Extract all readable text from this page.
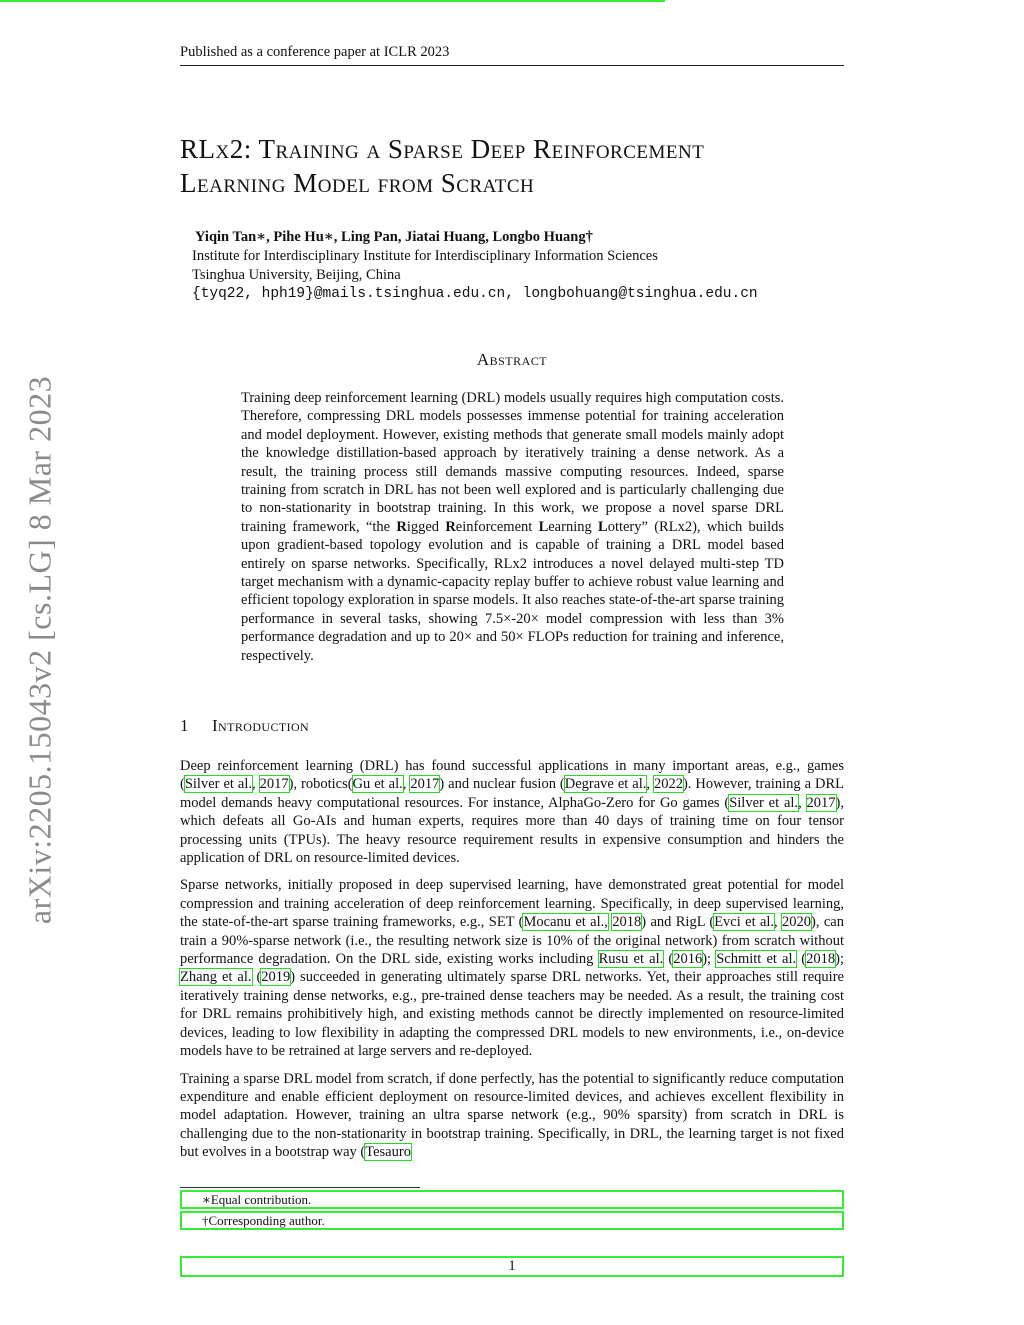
Published as a conference paper at ICLR 2023
arXiv:2205.15043v2 [cs.LG] 8 Mar 2023
RLx2: Training a Sparse Deep Reinforcement
Learning Model from Scratch
Yiqin Tan∗, Pihe Hu∗, Ling Pan, Jiatai Huang, Longbo Huang†
Institute for Interdisciplinary Institute for Interdisciplinary Information Sciences
Tsinghua University, Beijing, China
{tyq22, hph19}@mails.tsinghua.edu.cn, longbohuang@tsinghua.edu.cn
Abstract
Training deep reinforcement learning (DRL) models usually requires high computation costs. Therefore, compressing DRL models possesses immense potential for training acceleration and model deployment. However, existing methods that generate small models mainly adopt the knowledge distillation-based approach by iteratively training a dense network. As a result, the training process still demands massive computing resources. Indeed, sparse training from scratch in DRL has not been well explored and is particularly challenging due to non-stationarity in bootstrap training. In this work, we propose a novel sparse DRL training framework, “the Rigged Reinforcement Learning Lottery” (RLx2), which builds upon gradient-based topology evolution and is capable of training a DRL model based entirely on sparse networks. Specifically, RLx2 introduces a novel delayed multi-step TD target mechanism with a dynamic-capacity replay buffer to achieve robust value learning and efficient topology exploration in sparse models. It also reaches state-of-the-art sparse training performance in several tasks, showing 7.5×-20× model compression with less than 3% performance degradation and up to 20× and 50× FLOPs reduction for training and inference, respectively.
1 Introduction

Deep reinforcement learning (DRL) has found successful applications in many important areas, e.g., games (Silver et al., 2017), robotics(Gu et al., 2017) and nuclear fusion (Degrave et al., 2022). However, training a DRL model demands heavy computational resources. For instance, AlphaGo-Zero for Go games (Silver et al., 2017), which defeats all Go-AIs and human experts, requires more than 40 days of training time on four tensor processing units (TPUs). The heavy resource requirement results in expensive consumption and hinders the application of DRL on resource-limited devices.

Sparse networks, initially proposed in deep supervised learning, have demonstrated great potential for model compression and training acceleration of deep reinforcement learning. Specifically, in deep supervised learning, the state-of-the-art sparse training frameworks, e.g., SET (Mocanu et al., 2018) and RigL (Evci et al., 2020), can train a 90%-sparse network (i.e., the resulting network size is 10% of the original network) from scratch without performance degradation. On the DRL side, existing works including Rusu et al. (2016); Schmitt et al. (2018); Zhang et al. (2019) succeeded in generating ultimately sparse DRL networks. Yet, their approaches still require iteratively training dense networks, e.g., pre-trained dense teachers may be needed. As a result, the training cost for DRL remains prohibitively high, and existing methods cannot be directly implemented on resource-limited devices, leading to low flexibility in adapting the compressed DRL models to new environments, i.e., on-device models have to be retrained at large servers and re-deployed.

Training a sparse DRL model from scratch, if done perfectly, has the potential to significantly reduce computation expenditure and enable efficient deployment on resource-limited devices, and achieves excellent flexibility in model adaptation. However, training an ultra sparse network (e.g., 90% sparsity) from scratch in DRL is challenging due to the non-stationarity in bootstrap training. Specifically, in DRL, the learning target is not fixed but evolves in a bootstrap way (Tesauro

∗Equal contribution.
†Corresponding author.
1
